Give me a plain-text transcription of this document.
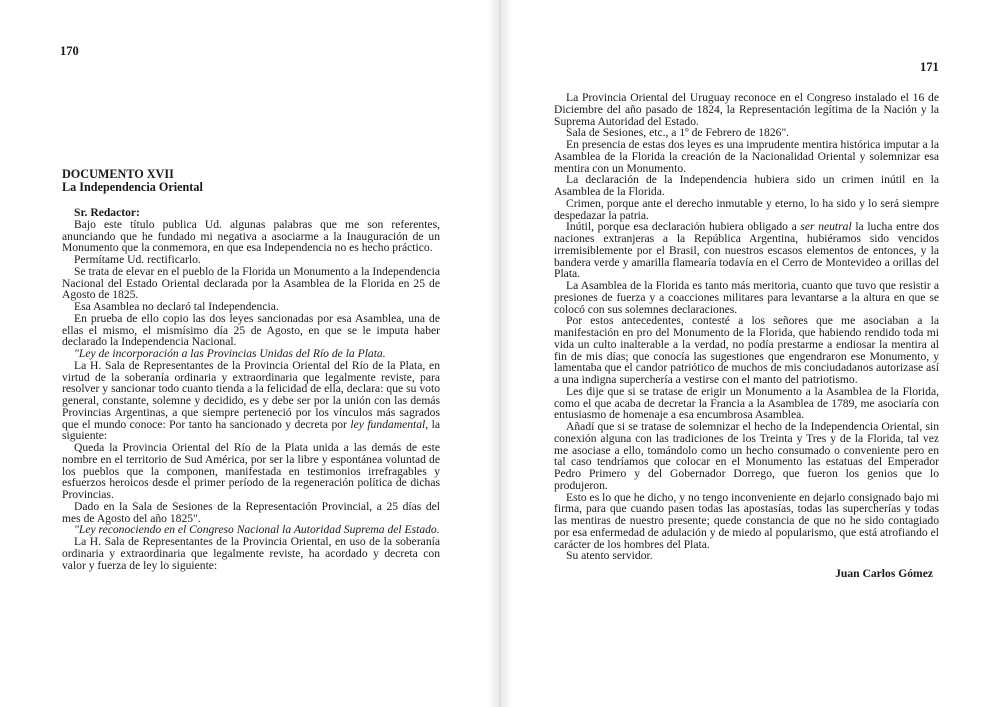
170
DOCUMENTO XVII
La Independencia Oriental

Sr. Redactor:

Bajo este título publica Ud. algunas palabras que me son referentes, anunciando que he fundado mi negativa a asociarme a la Inauguración de un Monumento que la conmemora, en que esa Independencia no es hecho práctico.

Permítame Ud. rectificarlo.

Se trata de elevar en el pueblo de la Florida un Monumento a la Independencia Nacional del Estado Oriental declarada por la Asamblea de la Florida en 25 de Agosto de 1825.

Esa Asamblea no declaró tal Independencia.

En prueba de ello copio las dos leyes sancionadas por esa Asamblea, una de ellas el mismo, el mismísimo día 25 de Agosto, en que se le imputa haber declarado la Independencia Nacional.

"Ley de incorporación a las Provincias Unidas del Río de la Plata.

La H. Sala de Representantes de la Provincia Oriental del Río de la Plata, en virtud de la soberanía ordinaria y extraordinaria que legalmente reviste, para resolver y sancionar todo cuanto tienda a la felicidad de ella, declara: que su voto general, constante, solemne y decidido, es y debe ser por la unión con las demás Provincias Argentinas, a que siempre perteneció por los vínculos más sagrados que el mundo conoce: Por tanto ha sancionado y decreta por ley fundamental, la siguiente:

Queda la Provincia Oriental del Río de la Plata unida a las demás de este nombre en el territorio de Sud América, por ser la libre y espontánea voluntad de los pueblos que la componen, manifestada en testimonios irrefragables y esfuerzos heroicos desde el primer período de la regeneración política de dichas Provincias.

Dado en la Sala de Sesiones de la Representación Provincial, a 25 días del mes de Agosto del año 1825".

"Ley reconociendo en el Congreso Nacional la Autoridad Suprema del Estado.

La H. Sala de Representantes de la Provincia Oriental, en uso de la soberanía ordinaria y extraordinaria que legalmente reviste, ha acordado y decreta con valor y fuerza de ley lo siguiente:

171

La Provincia Oriental del Uruguay reconoce en el Congreso instalado el 16 de Diciembre del año pasado de 1824, la Representación legítima de la Nación y la Suprema Autoridad del Estado.

Sala de Sesiones, etc., a 1º de Febrero de 1826".

En presencia de estas dos leyes es una imprudente mentira histórica imputar a la Asamblea de la Florida la creación de la Nacionalidad Oriental y solemnizar esa mentira con un Monumento.

La declaración de la Independencia hubiera sido un crimen inútil en la Asamblea de la Florida.

Crimen, porque ante el derecho inmutable y eterno, lo ha sido y lo será siempre despedazar la patria.

Inútil, porque esa declaración hubiera obligado a ser neutral la lucha entre dos naciones extranjeras a la República Argentina, hubiéramos sido vencidos irremisiblemente por el Brasil, con nuestros escasos elementos de entonces, y la bandera verde y amarilla flamearía todavía en el Cerro de Montevideo a orillas del Plata.

La Asamblea de la Florida es tanto más meritoria, cuanto que tuvo que resistir a presiones de fuerza y a coacciones militares para levantarse a la altura en que se colocó con sus solemnes declaraciones.

Por estos antecedentes, contesté a los señores que me asociaban a la manifestación en pro del Monumento de la Florida, que habiendo rendido toda mi vida un culto inalterable a la verdad, no podía prestarme a endiosar la mentira al fin de mis días; que conocía las sugestiones que engendraron ese Monumento, y lamentaba que el candor patriótico de muchos de mis conciudadanos autorizase así a una indigna superchería a vestirse con el manto del patriotismo.

Les dije que si se tratase de erigir un Monumento a la Asamblea de la Florida, como el que acaba de decretar la Francia a la Asamblea de 1789, me asociaría con entusiasmo de homenaje a esa encumbrosa Asamblea.

Añadí que si se tratase de solemnizar el hecho de la Independencia Oriental, sin conexión alguna con las tradiciones de los Treinta y Tres y de la Florida, tal vez me asociase a ello, tomándolo como un hecho consumado o conveniente pero en tal caso tendríamos que colocar en el Monumento las estatuas del Emperador Pedro Primero y del Gobernador Dorrego, que fueron los genios que lo produjeron.

Esto es lo que he dicho, y no tengo inconveniente en dejarlo consignado bajo mi firma, para que cuando pasen todas las apostasías, todas las supercherías y todas las mentiras de nuestro presente; quede constancia de que no he sido contagiado por esa enfermedad de adulación y de miedo al popularismo, que está atrofiando el carácter de los hombres del Plata.

Su atento servidor.

Juan Carlos Gómez
